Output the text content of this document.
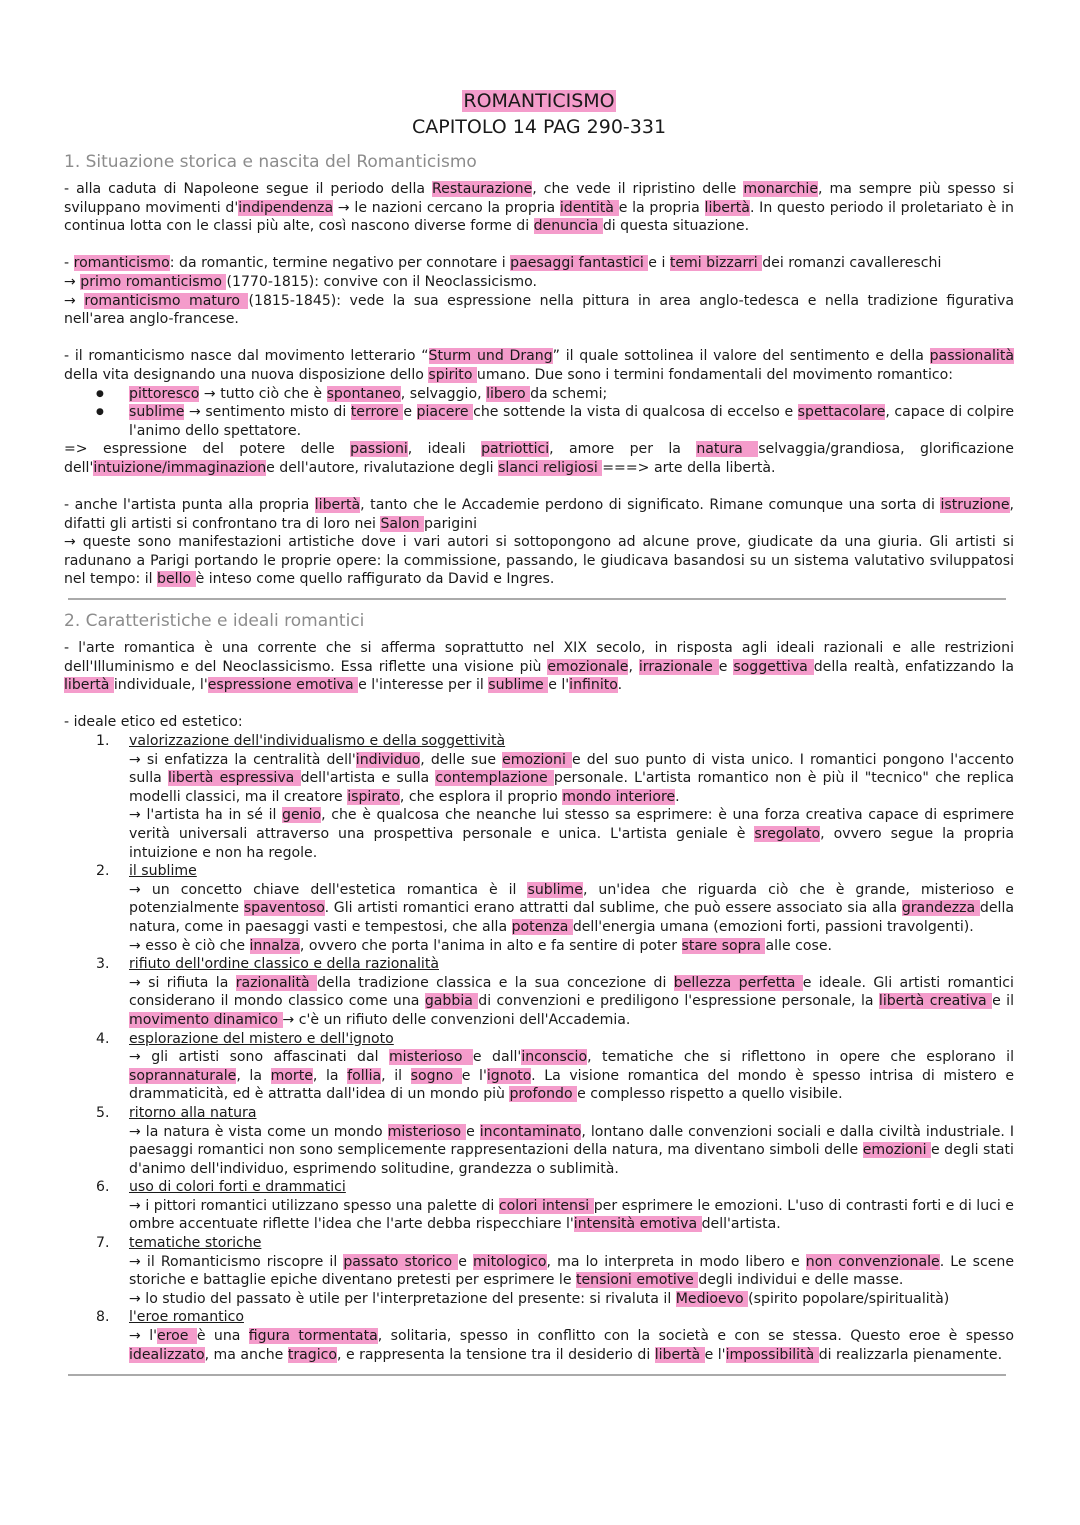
ROMANTICISMO
CAPITOLO 14 PAG 290-331
1. Situazione storica e nascita del Romanticismo

- alla caduta di Napoleone segue il periodo della Restaurazione, che vede il ripristino delle monarchie, ma sempre più spesso si sviluppano movimenti d'indipendenza → le nazioni cercano la propria identità e la propria libertà. In questo periodo il proletariato è in continua lotta con le classi più alte, così nascono diverse forme di denuncia di questa situazione.

- romanticismo: da romantic, termine negativo per connotare i paesaggi fantastici e i temi bizzarri dei romanzi cavallereschi

→ primo romanticismo (1770-1815): convive con il Neoclassicismo.

→ romanticismo maturo (1815-1845): vede la sua espressione nella pittura in area anglo-tedesca e nella tradizione figurativa nell'area anglo-francese.

- il romanticismo nasce dal movimento letterario “Sturm und Drang” il quale sottolinea il valore del sentimento e della passionalità della vita designando una nuova disposizione dello spirito umano. Due sono i termini fondamentali del movimento romantico:

● pittoresco → tutto ciò che è spontaneo, selvaggio, libero da schemi;
● sublime → sentimento misto di terrore e piacere che sottende la vista di qualcosa di eccelso e spettacolare, capace di colpire l'animo dello spettatore.

=> espressione del potere delle passioni, ideali patriottici, amore per la natura selvaggia/grandiosa, glorificazione dell'intuizione/immaginazione dell'autore, rivalutazione degli slanci religiosi ===> arte della libertà.

- anche l'artista punta alla propria libertà, tanto che le Accademie perdono di significato. Rimane comunque una sorta di istruzione, difatti gli artisti si confrontano tra di loro nei Salon parigini

→ queste sono manifestazioni artistiche dove i vari autori si sottopongono ad alcune prove, giudicate da una giuria. Gli artisti si radunano a Parigi portando le proprie opere: la commissione, passando, le giudicava basandosi su un sistema valutativo sviluppatosi nel tempo: il bello è inteso come quello raffigurato da David e Ingres.

2. Caratteristiche e ideali romantici

- l'arte romantica è una corrente che si afferma soprattutto nel XIX secolo, in risposta agli ideali razionali e alle restrizioni dell'Illuminismo e del Neoclassicismo. Essa riflette una visione più emozionale, irrazionale e soggettiva della realtà, enfatizzando la libertà individuale, l'espressione emotiva e l'interesse per il sublime e l'infinito.

- ideale etico ed estetico:

1. valorizzazione dell'individualismo e della soggettività
→ si enfatizza la centralità dell'individuo, delle sue emozioni e del suo punto di vista unico. I romantici pongono l'accento sulla libertà espressiva dell'artista e sulla contemplazione personale. L'artista romantico non è più il "tecnico" che replica modelli classici, ma il creatore ispirato, che esplora il proprio mondo interiore.
→ l'artista ha in sé il genio, che è qualcosa che neanche lui stesso sa esprimere: è una forza creativa capace di esprimere verità universali attraverso una prospettiva personale e unica. L'artista geniale è sregolato, ovvero segue la propria intuizione e non ha regole.
2. il sublime
→ un concetto chiave dell'estetica romantica è il sublime, un'idea che riguarda ciò che è grande, misterioso e potenzialmente spaventoso. Gli artisti romantici erano attratti dal sublime, che può essere associato sia alla grandezza della natura, come in paesaggi vasti e tempestosi, che alla potenza dell'energia umana (emozioni forti, passioni travolgenti).
→ esso è ciò che innalza, ovvero che porta l'anima in alto e fa sentire di poter stare sopra alle cose.
3. rifiuto dell'ordine classico e della razionalità
→ si rifiuta la razionalità della tradizione classica e la sua concezione di bellezza perfetta e ideale. Gli artisti romantici considerano il mondo classico come una gabbia di convenzioni e prediligono l'espressione personale, la libertà creativa e il movimento dinamico → c'è un rifiuto delle convenzioni dell'Accademia.
4. esplorazione del mistero e dell'ignoto
→ gli artisti sono affascinati dal misterioso e dall'inconscio, tematiche che si riflettono in opere che esplorano il soprannaturale, la morte, la follia, il sogno e l'ignoto. La visione romantica del mondo è spesso intrisa di mistero e drammaticità, ed è attratta dall'idea di un mondo più profondo e complesso rispetto a quello visibile.
5. ritorno alla natura
→ la natura è vista come un mondo misterioso e incontaminato, lontano dalle convenzioni sociali e dalla civiltà industriale. I paesaggi romantici non sono semplicemente rappresentazioni della natura, ma diventano simboli delle emozioni e degli stati d'animo dell'individuo, esprimendo solitudine, grandezza o sublimità.
6. uso di colori forti e drammatici
→ i pittori romantici utilizzano spesso una palette di colori intensi per esprimere le emozioni. L'uso di contrasti forti e di luci e ombre accentuate riflette l'idea che l'arte debba rispecchiare l'intensità emotiva dell'artista.
7. tematiche storiche
→ il Romanticismo riscopre il passato storico e mitologico, ma lo interpreta in modo libero e non convenzionale. Le scene storiche e battaglie epiche diventano pretesti per esprimere le tensioni emotive degli individui e delle masse.
→ lo studio del passato è utile per l'interpretazione del presente: si rivaluta il Medioevo (spirito popolare/spiritualità)
8. l'eroe romantico
→ l'eroe è una figura tormentata, solitaria, spesso in conflitto con la società e con se stessa. Questo eroe è spesso idealizzato, ma anche tragico, e rappresenta la tensione tra il desiderio di libertà e l'impossibilità di realizzarla pienamente.
